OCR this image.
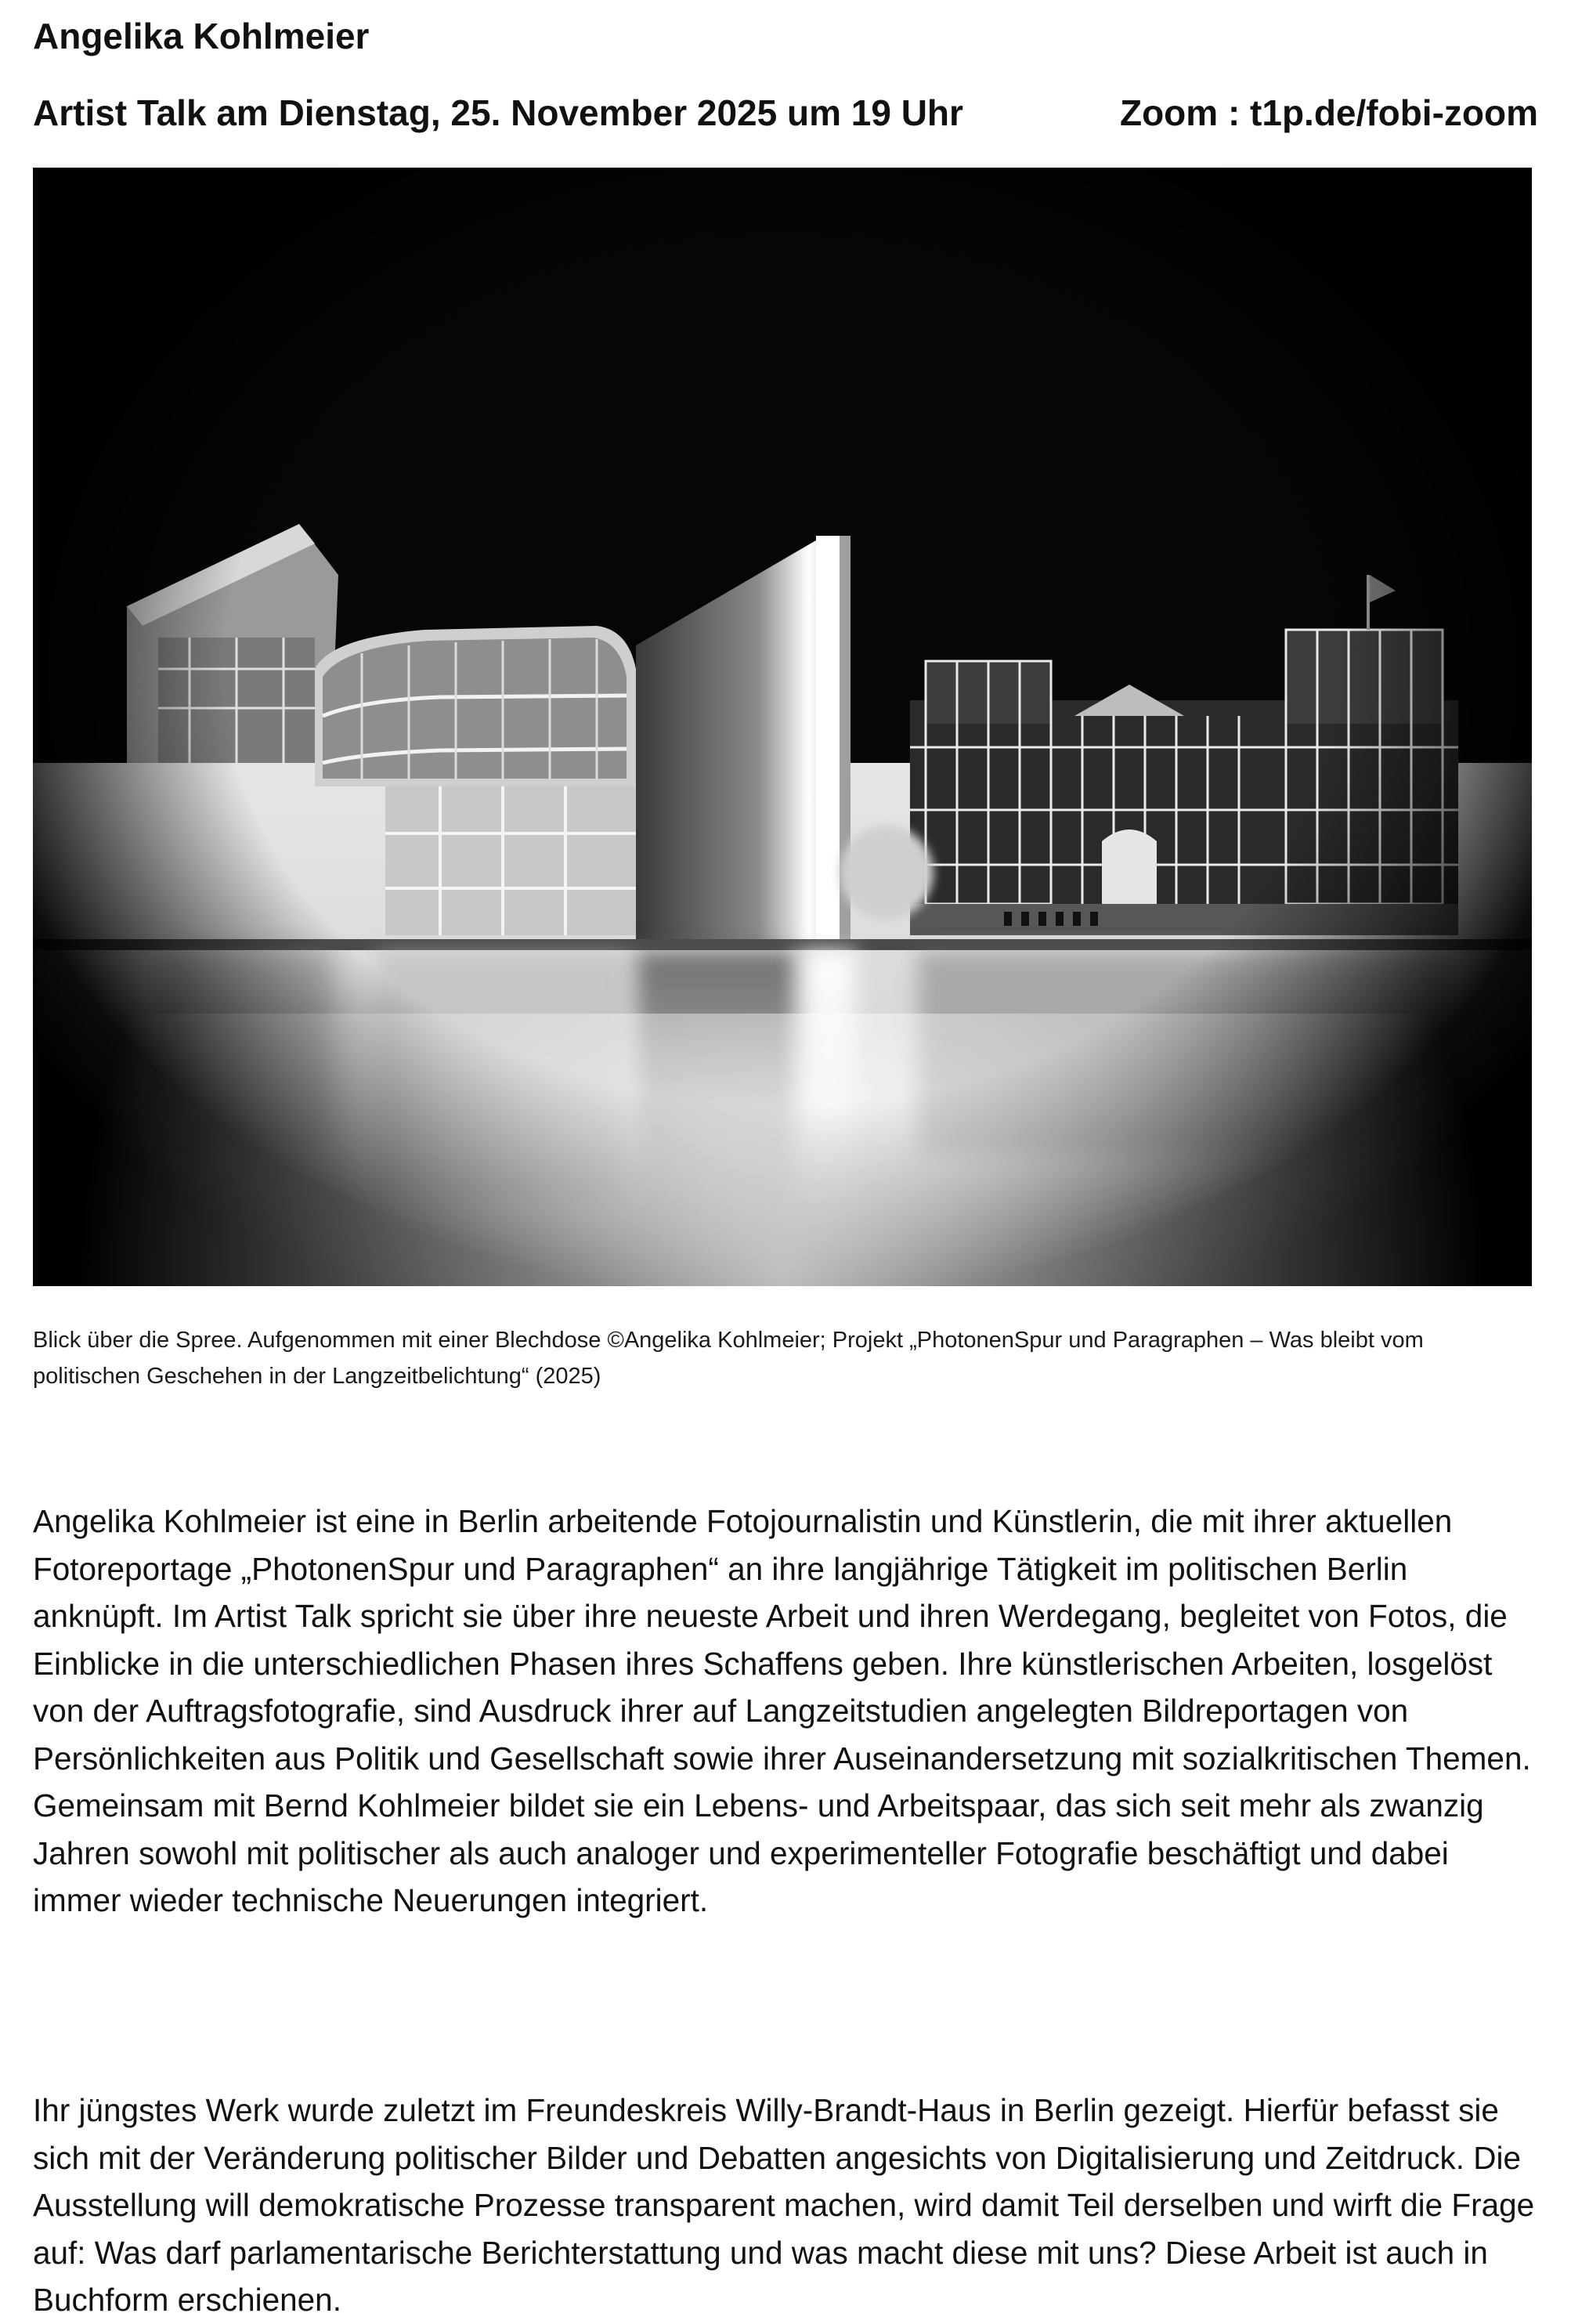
Angelika Kohlmeier
Artist Talk am Dienstag, 25. November 2025 um 19 Uhr	Zoom : t1p.de/fobi-zoom

Blick über die Spree. Aufgenommen mit einer Blechdose ©Angelika Kohlmeier; Projekt „PhotonenSpur und Paragraphen – Was bleibt vom politischen Geschehen in der Langzeitbelichtung“ (2025)

Angelika Kohlmeier ist eine in Berlin arbeitende Fotojournalistin und Künstlerin, die mit ihrer aktuellen Fotoreportage „PhotonenSpur und Paragraphen“ an ihre langjährige Tätigkeit im politischen Berlin anknüpft. Im Artist Talk spricht sie über ihre neueste Arbeit und ihren Werdegang, begleitet von Fotos, die Einblicke in die unterschiedlichen Phasen ihres Schaffens geben. Ihre künstlerischen Arbeiten, losgelöst von der Auftragsfotografie, sind Ausdruck ihrer auf Langzeitstudien angelegten Bildreportagen von Persönlichkeiten aus Politik und Gesellschaft sowie ihrer Auseinandersetzung mit sozialkritischen Themen. Gemeinsam mit Bernd Kohlmeier bildet sie ein Lebens- und Arbeitspaar, das sich seit mehr als zwanzig Jahren sowohl mit politischer als auch analoger und experimenteller Fotografie beschäftigt und dabei immer wieder technische Neuerungen integriert.

Ihr jüngstes Werk wurde zuletzt im Freundeskreis Willy-Brandt-Haus in Berlin gezeigt. Hierfür befasst sie sich mit der Veränderung politischer Bilder und Debatten angesichts von Digitalisierung und Zeitdruck. Die Ausstellung will demokratische Prozesse transparent machen, wird damit Teil derselben und wirft die Frage auf: Was darf parlamentarische Berichterstattung und was macht diese mit uns? Diese Arbeit ist auch in Buchform erschienen.
